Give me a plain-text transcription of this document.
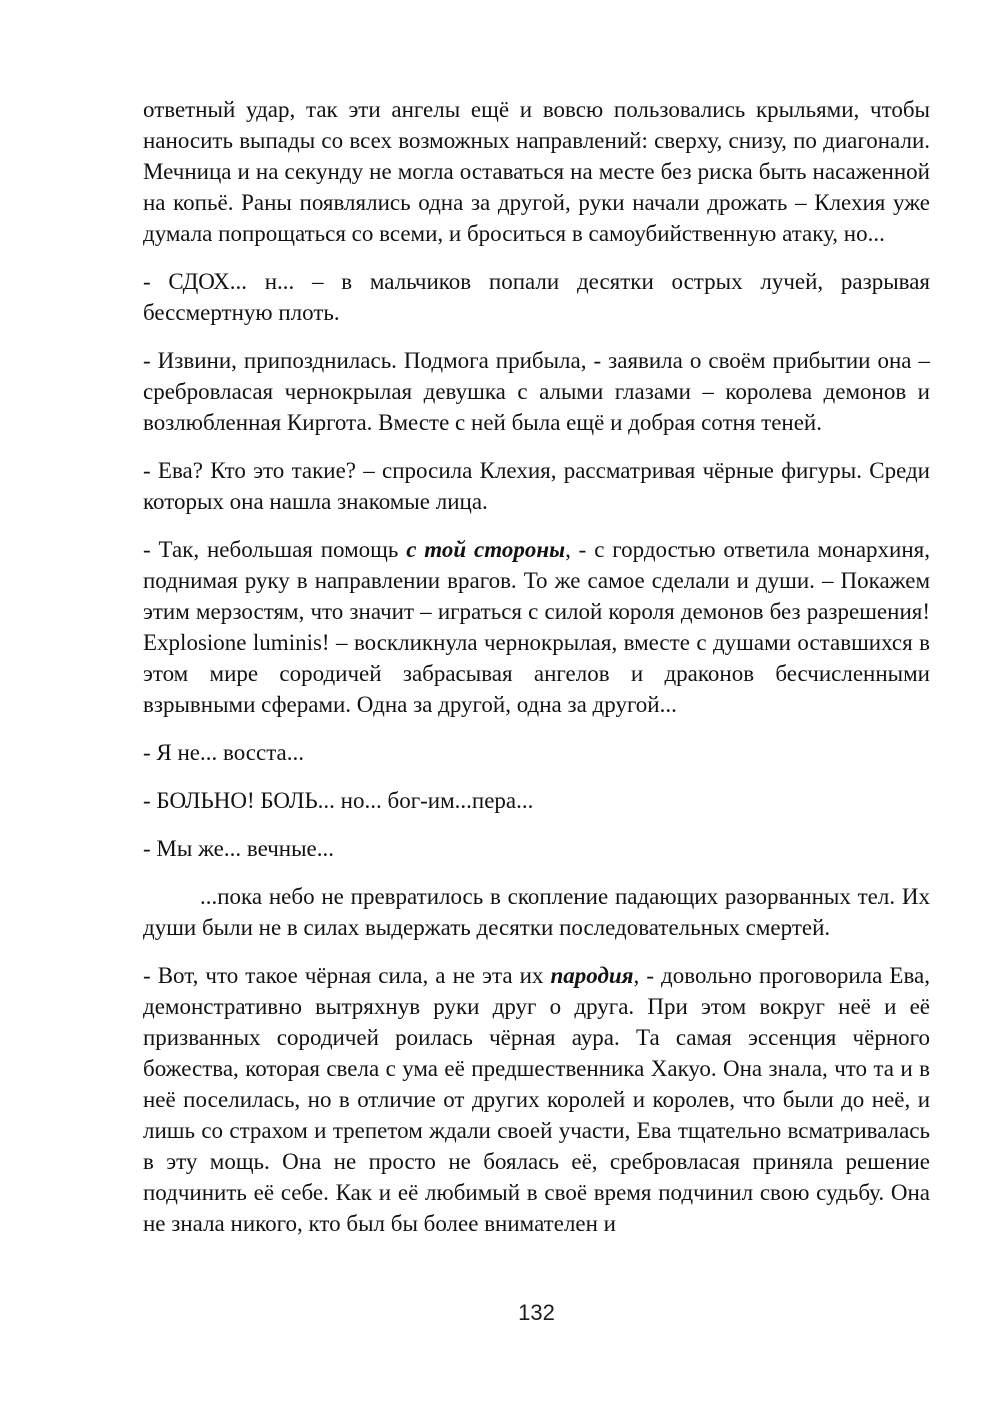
ответный удар, так эти ангелы ещё и вовсю пользовались крыльями, чтобы наносить выпады со всех возможных направлений: сверху, снизу, по диагонали. Мечница и на секунду не могла оставаться на месте без риска быть насаженной на копьё. Раны появлялись одна за другой, руки начали дрожать – Клехия уже думала попрощаться со всеми, и броситься в самоубийственную атаку, но...

- СДОХ... н... – в мальчиков попали десятки острых лучей, разрывая бессмертную плоть.

- Извини, припозднилась. Подмога прибыла, - заявила о своём прибытии она – сребровласая чернокрылая девушка с алыми глазами – королева демонов и возлюбленная Киргота. Вместе с ней была ещё и добрая сотня теней.

- Ева? Кто это такие? – спросила Клехия, рассматривая чёрные фигуры. Среди которых она нашла знакомые лица.

- Так, небольшая помощь с той стороны, - с гордостью ответила монархиня, поднимая руку в направлении врагов. То же самое сделали и души. – Покажем этим мерзостям, что значит – играться с силой короля демонов без разрешения! Explosione luminis! – воскликнула чернокрылая, вместе с душами оставшихся в этом мире сородичей забрасывая ангелов и драконов бесчисленными взрывными сферами. Одна за другой, одна за другой...

- Я не... восста...

- БОЛЬНО! БОЛЬ... но... бог-им...пера...

- Мы же... вечные...

...пока небо не превратилось в скопление падающих разорванных тел. Их души были не в силах выдержать десятки последовательных смертей.

- Вот, что такое чёрная сила, а не эта их пародия, - довольно проговорила Ева, демонстративно вытряхнув руки друг о друга. При этом вокруг неё и её призванных сородичей роилась чёрная аура. Та самая эссенция чёрного божества, которая свела с ума её предшественника Хакуо. Она знала, что та и в неё поселилась, но в отличие от других королей и королев, что были до неё, и лишь со страхом и трепетом ждали своей участи, Ева тщательно всматривалась в эту мощь. Она не просто не боялась её, сребровласая приняла решение подчинить её себе. Как и её любимый в своё время подчинил свою судьбу. Она не знала никого, кто был бы более внимателен и

132
